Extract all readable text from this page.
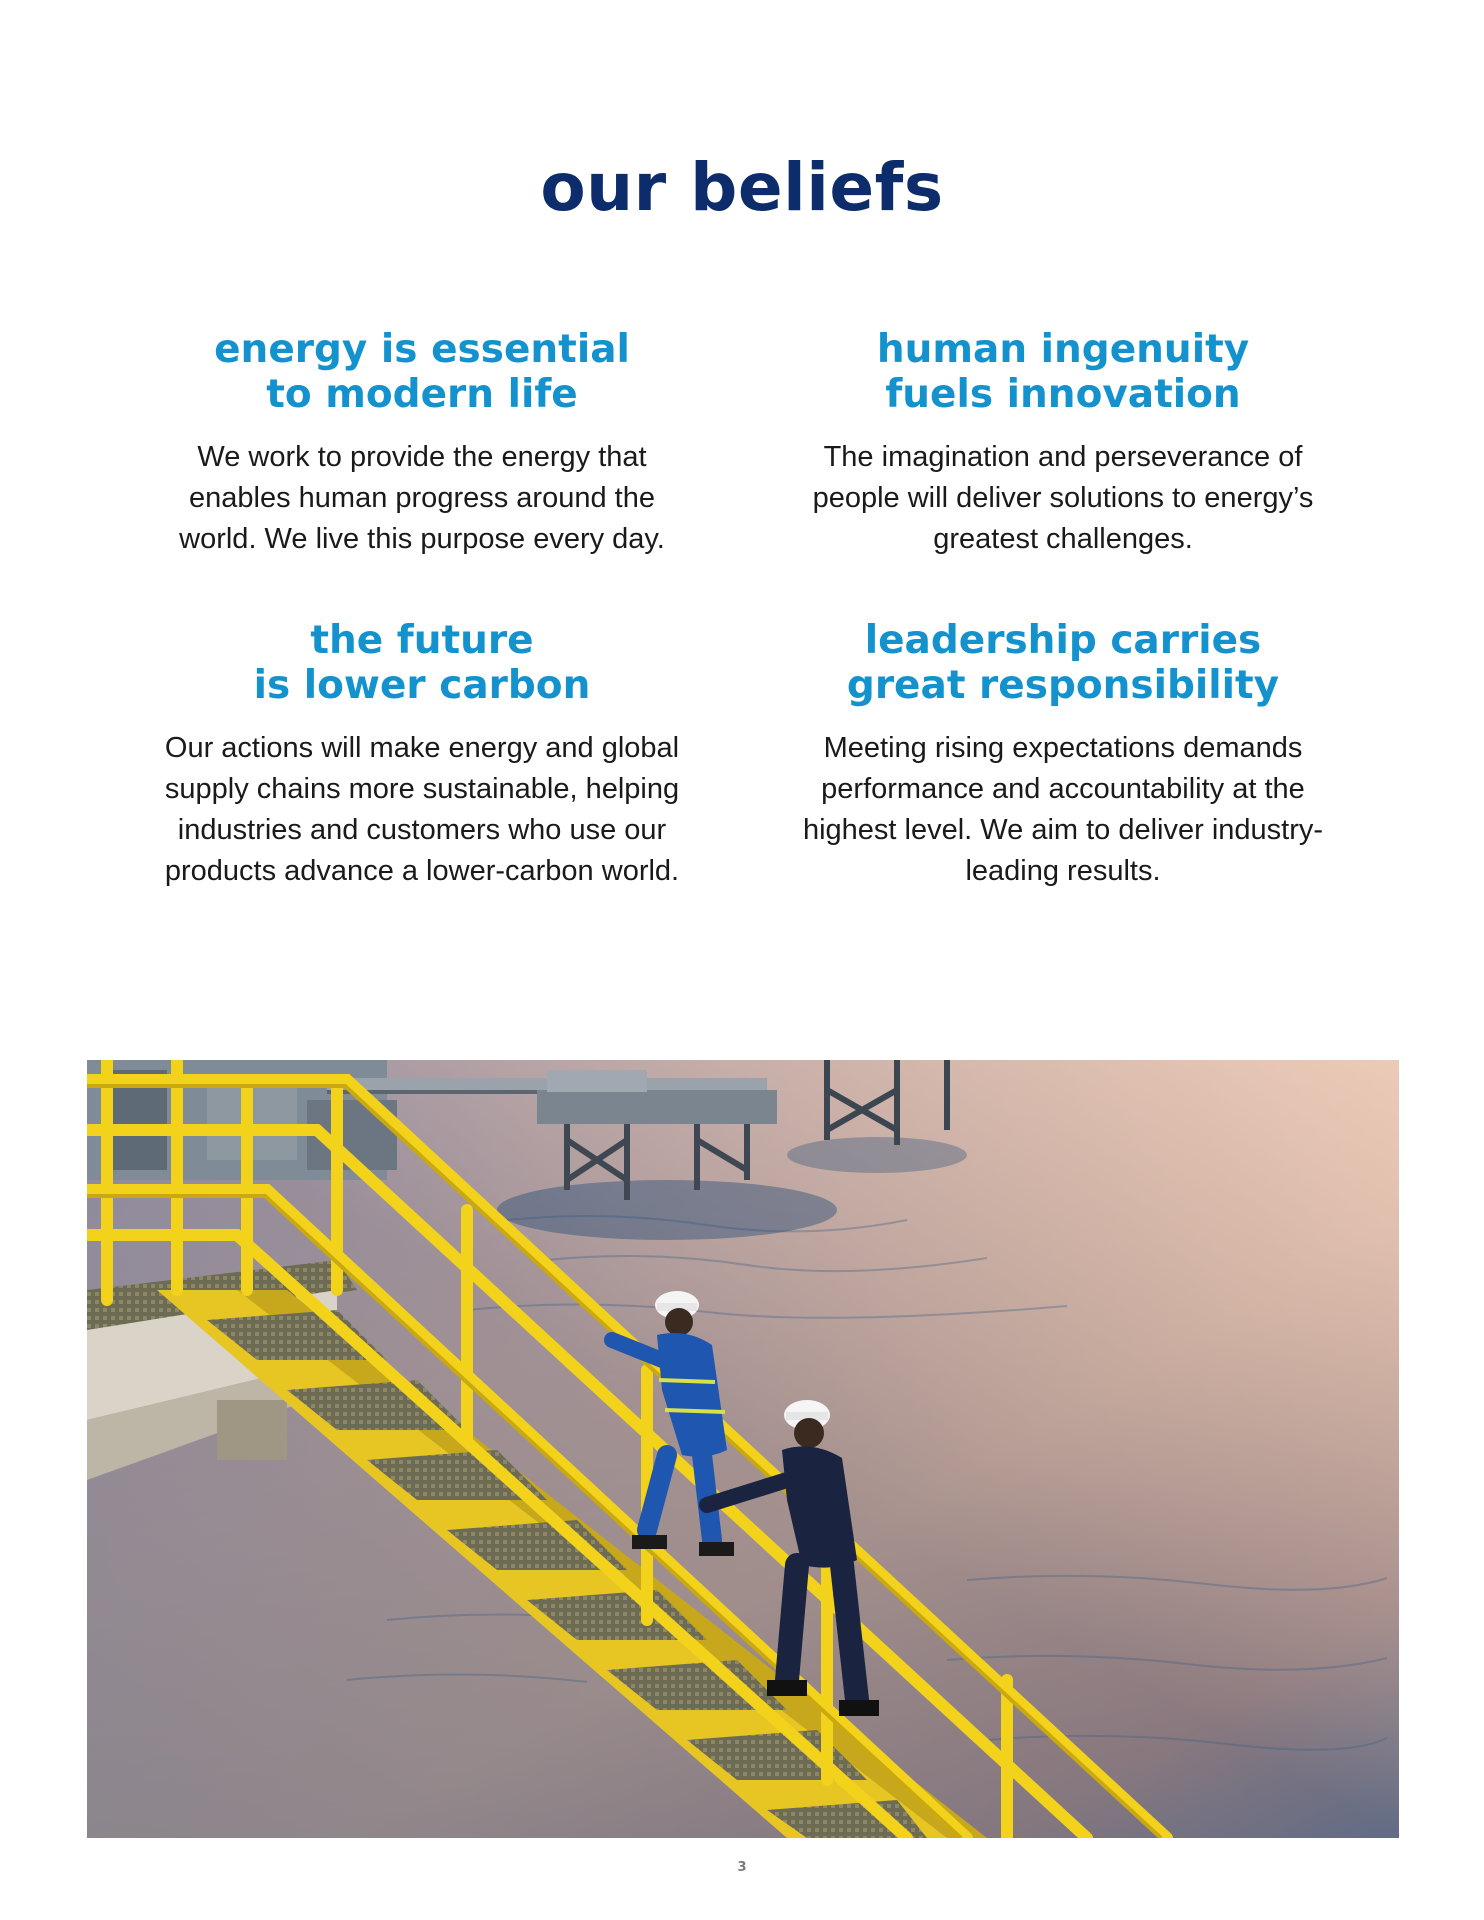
our beliefs
energy is essential
to modern life

We work to provide the energy that
enables human progress around the
world. We live this purpose every day.

human ingenuity
fuels innovation

The imagination and perseverance of
people will deliver solutions to energy’s
greatest challenges.

the future
is lower carbon

Our actions will make energy and global
supply chains more sustainable, helping
industries and customers who use our
products advance a lower-carbon world.

leadership carries
great responsibility

Meeting rising expectations demands
performance and accountability at the
highest level. We aim to deliver industry-
leading results.

3
